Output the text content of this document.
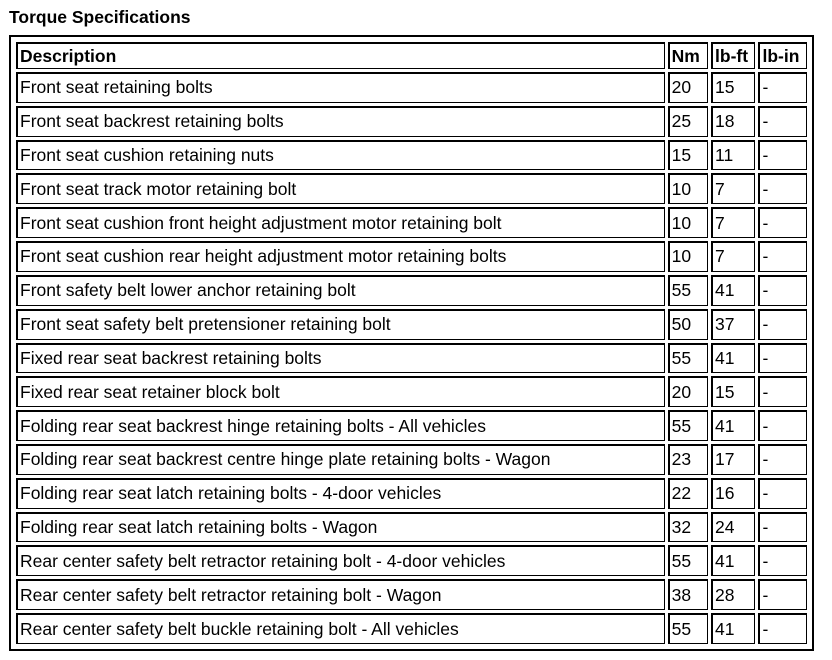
Torque Specifications
Description	Nm	lb-ft	lb-in
Front seat retaining bolts	20	15	-
Front seat backrest retaining bolts	25	18	-
Front seat cushion retaining nuts	15	11	-
Front seat track motor retaining bolt	10	7	-
Front seat cushion front height adjustment motor retaining bolt	10	7	-
Front seat cushion rear height adjustment motor retaining bolts	10	7	-
Front safety belt lower anchor retaining bolt	55	41	-
Front seat safety belt pretensioner retaining bolt	50	37	-
Fixed rear seat backrest retaining bolts	55	41	-
Fixed rear seat retainer block bolt	20	15	-
Folding rear seat backrest hinge retaining bolts - All vehicles	55	41	-
Folding rear seat backrest centre hinge plate retaining bolts - Wagon	23	17	-
Folding rear seat latch retaining bolts - 4-door vehicles	22	16	-
Folding rear seat latch retaining bolts - Wagon	32	24	-
Rear center safety belt retractor retaining bolt - 4-door vehicles	55	41	-
Rear center safety belt retractor retaining bolt - Wagon	38	28	-
Rear center safety belt buckle retaining bolt - All vehicles	55	41	-
